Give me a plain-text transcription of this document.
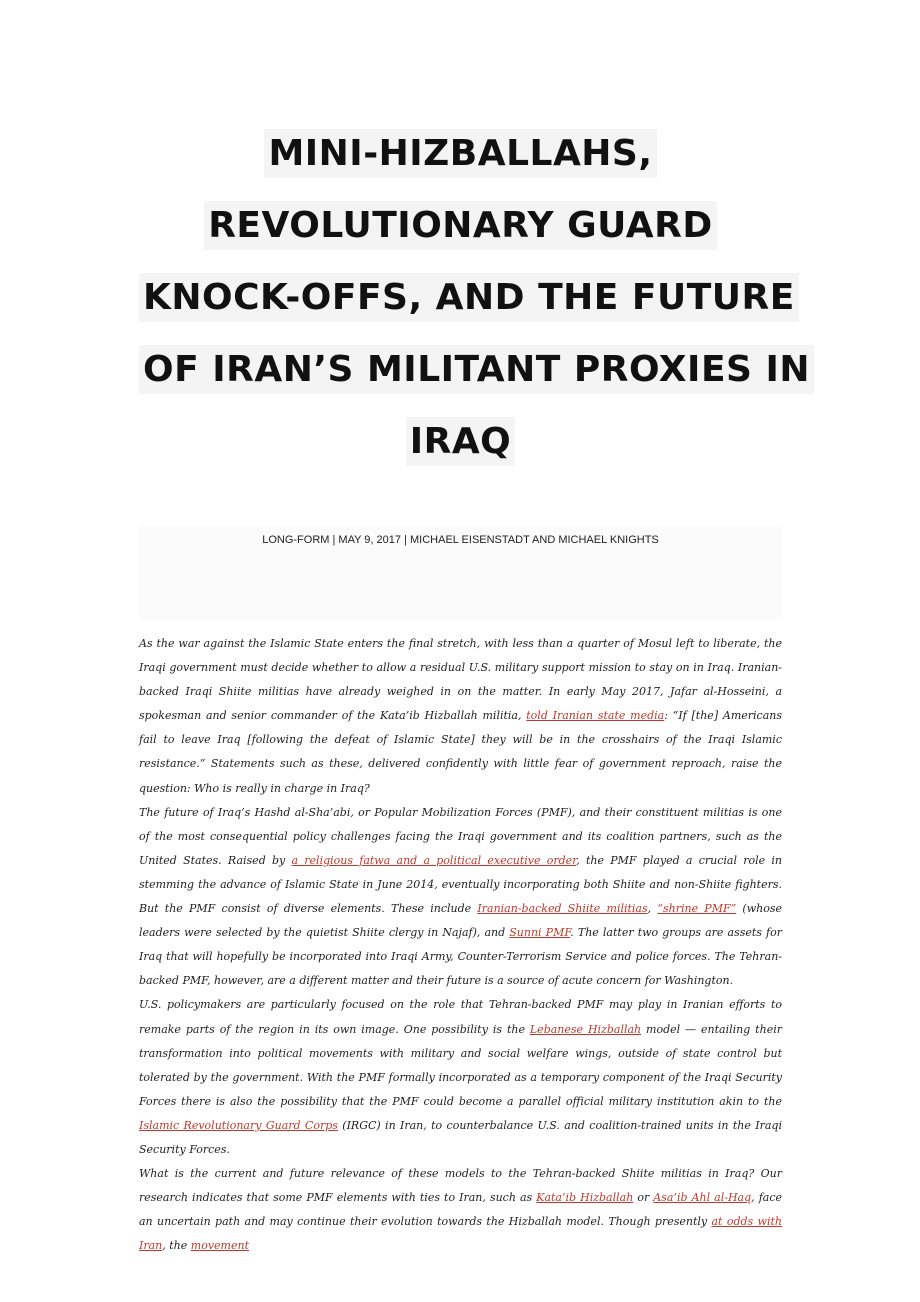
MINI-HIZBALLAHS,
REVOLUTIONARY GUARD
KNOCK-OFFS, AND THE FUTURE
OF IRAN’S MILITANT PROXIES IN
IRAQ
LONG-FORM | MAY 9, 2017 | MICHAEL EISENSTADT AND MICHAEL KNIGHTS

As the war against the Islamic State enters the final stretch, with less than a quarter of Mosul left to liberate, the Iraqi government must decide whether to allow a residual U.S. military support mission to stay on in Iraq. Iranian-backed Iraqi Shiite militias have already weighed in on the matter. In early May 2017, Jafar al-Hosseini, a spokesman and senior commander of the Kata’ib Hizballah militia, told Iranian state media: “If [the] Americans fail to leave Iraq [following the defeat of Islamic State] they will be in the crosshairs of the Iraqi Islamic resistance.” Statements such as these, delivered confidently with little fear of government reproach, raise the question: Who is really in charge in Iraq?

The future of Iraq’s Hashd al-Sha’abi, or Popular Mobilization Forces (PMF), and their constituent militias is one of the most consequential policy challenges facing the Iraqi government and its coalition partners, such as the United States. Raised by a religious fatwa and a political executive order, the PMF played a crucial role in stemming the advance of Islamic State in June 2014, eventually incorporating both Shiite and non-Shiite fighters. But the PMF consist of diverse elements. These include Iranian-backed Shiite militias, “shrine PMF” (whose leaders were selected by the quietist Shiite clergy in Najaf), and Sunni PMF. The latter two groups are assets for Iraq that will hopefully be incorporated into Iraqi Army, Counter-Terrorism Service and police forces. The Tehran-backed PMF, however, are a different matter and their future is a source of acute concern for Washington.

U.S. policymakers are particularly focused on the role that Tehran-backed PMF may play in Iranian efforts to remake parts of the region in its own image. One possibility is the Lebanese Hizballah model — entailing their transformation into political movements with military and social welfare wings, outside of state control but tolerated by the government. With the PMF formally incorporated as a temporary component of the Iraqi Security Forces there is also the possibility that the PMF could become a parallel official military institution akin to the Islamic Revolutionary Guard Corps (IRGC) in Iran, to counterbalance U.S. and coalition-trained units in the Iraqi Security Forces.

What is the current and future relevance of these models to the Tehran-backed Shiite militias in Iraq? Our research indicates that some PMF elements with ties to Iran, such as Kata’ib Hizballah or Asa’ib Ahl al-Haq, face an uncertain path and may continue their evolution towards the Hizballah model. Though presently at odds with Iran, the movement
